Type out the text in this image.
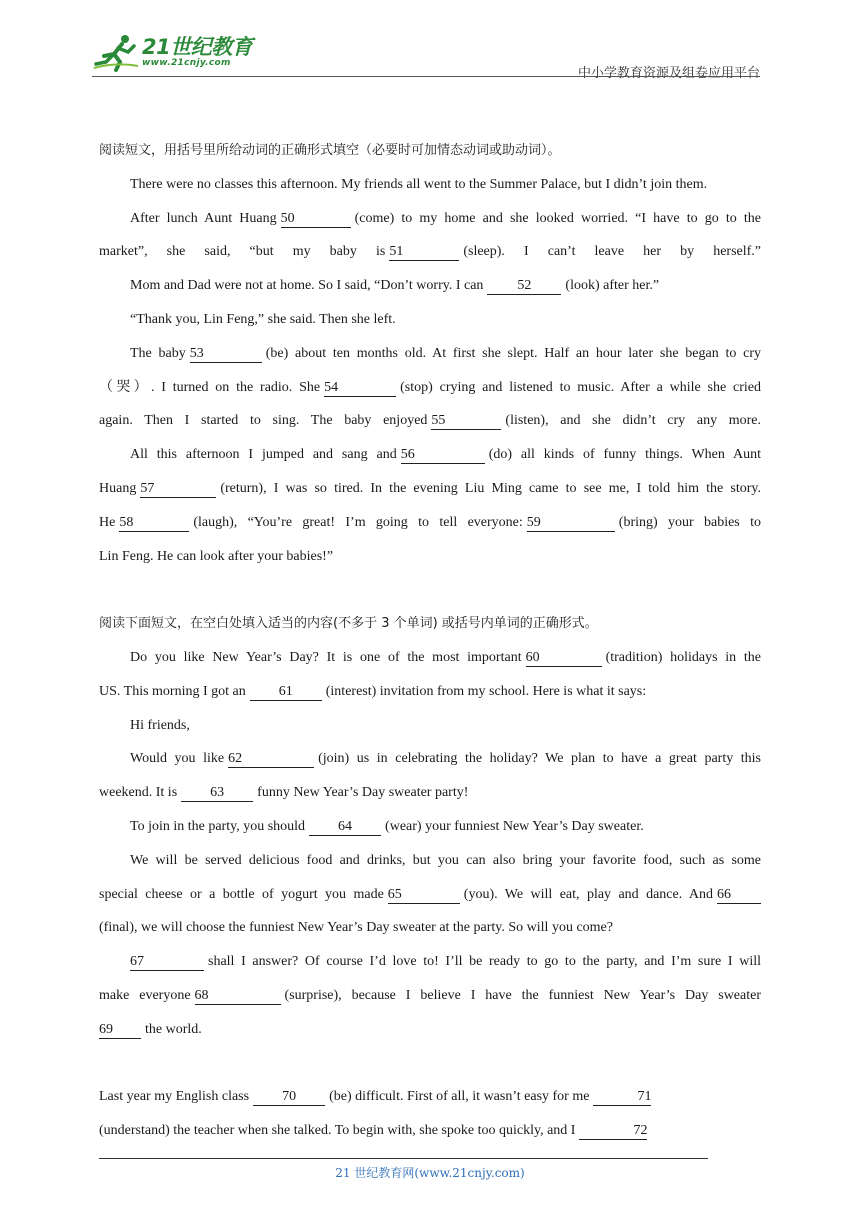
21世纪教育
www.21cnjy.com
中小学教育资源及组卷应用平台
阅读短文，用括号里所给动词的正确形式填空（必要时可加情态动词或助动词）。
There were no classes this afternoon. My friends all went to the Summer Palace, but I didn’t join them.
After lunch Aunt Huang 50	(come) to my home and she looked worried. “I have to go to the
market”, she said, “but my baby is 51	(sleep). I can’t leave her by herself.”
Mom and Dad were not at home. So I said, “Don’t worry. I can 52 (look) after her.”
“Thank you, Lin Feng,” she said. Then she left.
The baby 53	(be) about ten months old. At first she slept. Half an hour later she began to cry
（哭）. I turned on the radio. She 54	(stop) crying and listened to music. After a while she cried
again. Then I started to sing. The baby enjoyed 55	(listen), and she didn’t cry any more.
All this afternoon I jumped and sang and 56	(do) all kinds of funny things. When Aunt
Huang 57	(return), I was so tired. In the evening Liu Ming came to see me, I told him the story.
He 58	(laugh), “You’re great! I’m going to tell everyone: 59	(bring) your babies to
Lin Feng. He can look after your babies!”
阅读下面短文，在空白处填入适当的内容(不多于 3 个单词) 或括号内单词的正确形式。
Do you like New Year’s Day? It is one of the most important 60	(tradition) holidays in the
US. This morning I got an 61 (interest) invitation from my school. Here is what it says:
Hi friends,
Would you like 62	(join) us in celebrating the holiday? We plan to have a great party this
weekend. It is 63 funny New Year’s Day sweater party!
To join in the party, you should 64 (wear) your funniest New Year’s Day sweater.
We will be served delicious food and drinks, but you can also bring your favorite food, such as some
special cheese or a bottle of yogurt you made 65	(you). We will eat, play and dance. And 66
(final), we will choose the funniest New Year’s Day sweater at the party. So will you come?
67	shall I answer? Of course I’d love to! I’ll be ready to go to the party, and I’m sure I will
make everyone 68	(surprise), because I believe I have the funniest New Year’s Day sweater
69 the world.
Last year my English class 70 (be) difficult. First of all, it wasn’t easy for me	71
(understand) the teacher when she talked. To begin with, she spoke too quickly, and I	72
21 世纪教育网(www.21cnjy.com)
